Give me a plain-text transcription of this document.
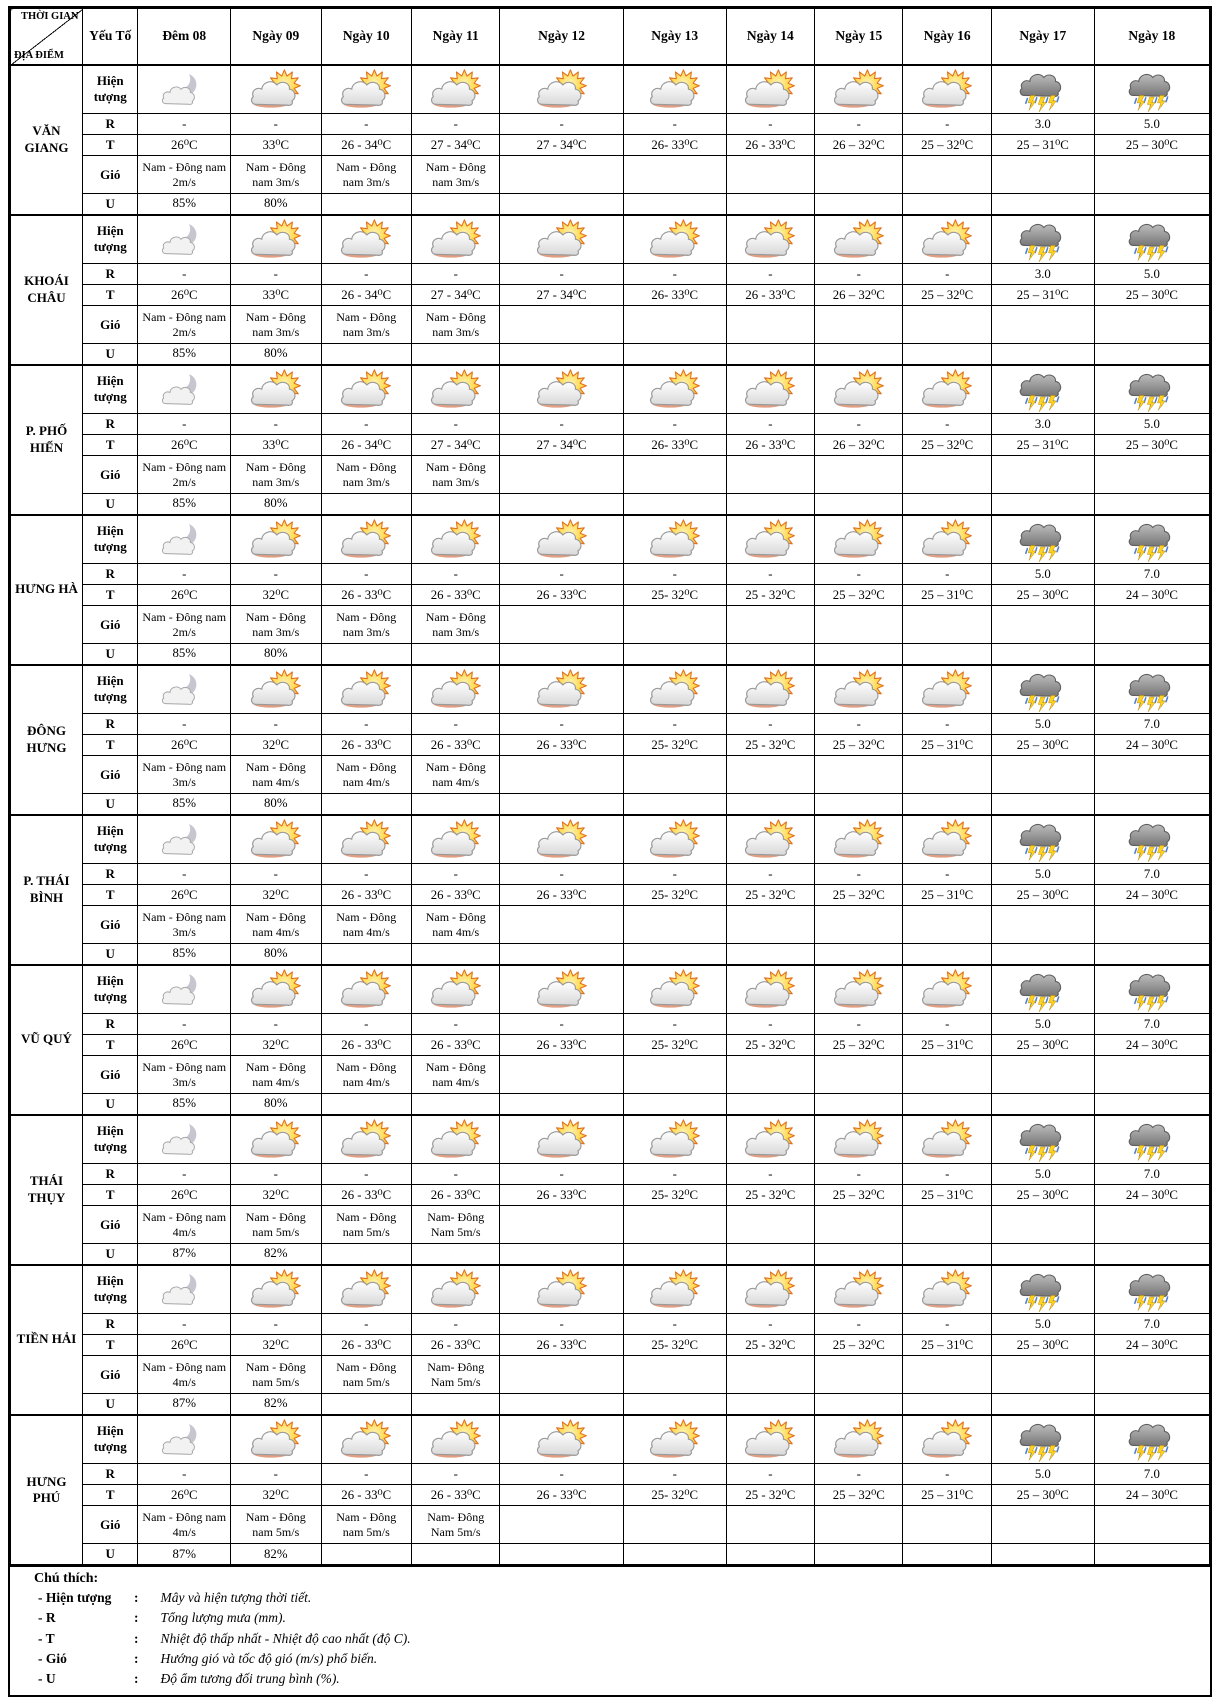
THỜI GIAN
ĐỊA ĐIỂM	Yếu Tố	Đêm 08	Ngày 09	Ngày 10	Ngày 11	Ngày 12	Ngày 13	Ngày 14	Ngày 15	Ngày 16	Ngày 17	Ngày 18
VĂN GIANG	Hiện tượng	

	R	-	-	-	-	-	-	-	-	-	3.0	5.0
	T	26⁰C	33⁰C	26 - 34⁰C	27 - 34⁰C	27 - 34⁰C	26- 33⁰C	26 - 33⁰C	26 – 32⁰C	25 – 32⁰C	25 – 31⁰C	25 – 30⁰C
	Gió	Nam - Đông nam 2m/s	Nam - Đông nam 3m/s	Nam - Đông nam 3m/s	Nam - Đông nam 3m/s							
	U	85%	80%									
KHOÁI CHÂU	Hiện tượng	

	R	-	-	-	-	-	-	-	-	-	3.0	5.0
	T	26⁰C	33⁰C	26 - 34⁰C	27 - 34⁰C	27 - 34⁰C	26- 33⁰C	26 - 33⁰C	26 – 32⁰C	25 – 32⁰C	25 – 31⁰C	25 – 30⁰C
	Gió	Nam - Đông nam 2m/s	Nam - Đông nam 3m/s	Nam - Đông nam 3m/s	Nam - Đông nam 3m/s							
	U	85%	80%									
P. PHỐ HIẾN	Hiện tượng	

	R	-	-	-	-	-	-	-	-	-	3.0	5.0
	T	26⁰C	33⁰C	26 - 34⁰C	27 - 34⁰C	27 - 34⁰C	26- 33⁰C	26 - 33⁰C	26 – 32⁰C	25 – 32⁰C	25 – 31⁰C	25 – 30⁰C
	Gió	Nam - Đông nam 2m/s	Nam - Đông nam 3m/s	Nam - Đông nam 3m/s	Nam - Đông nam 3m/s							
	U	85%	80%									
HƯNG HÀ	Hiện tượng	

	R	-	-	-	-	-	-	-	-	-	5.0	7.0
	T	26⁰C	32⁰C	26 - 33⁰C	26 - 33⁰C	26 - 33⁰C	25- 32⁰C	25 - 32⁰C	25 – 32⁰C	25 – 31⁰C	25 – 30⁰C	24 – 30⁰C
	Gió	Nam - Đông nam 2m/s	Nam - Đông nam 3m/s	Nam - Đông nam 3m/s	Nam - Đông nam 3m/s							
	U	85%	80%									
ĐÔNG HƯNG	Hiện tượng	

	R	-	-	-	-	-	-	-	-	-	5.0	7.0
	T	26⁰C	32⁰C	26 - 33⁰C	26 - 33⁰C	26 - 33⁰C	25- 32⁰C	25 - 32⁰C	25 – 32⁰C	25 – 31⁰C	25 – 30⁰C	24 – 30⁰C
	Gió	Nam - Đông nam 3m/s	Nam - Đông nam 4m/s	Nam - Đông nam 4m/s	Nam - Đông nam 4m/s							
	U	85%	80%									
P. THÁI BÌNH	Hiện tượng	

	R	-	-	-	-	-	-	-	-	-	5.0	7.0
	T	26⁰C	32⁰C	26 - 33⁰C	26 - 33⁰C	26 - 33⁰C	25- 32⁰C	25 - 32⁰C	25 – 32⁰C	25 – 31⁰C	25 – 30⁰C	24 – 30⁰C
	Gió	Nam - Đông nam 3m/s	Nam - Đông nam 4m/s	Nam - Đông nam 4m/s	Nam - Đông nam 4m/s							
	U	85%	80%									
VŨ QUÝ	Hiện tượng	

	R	-	-	-	-	-	-	-	-	-	5.0	7.0
	T	26⁰C	32⁰C	26 - 33⁰C	26 - 33⁰C	26 - 33⁰C	25- 32⁰C	25 - 32⁰C	25 – 32⁰C	25 – 31⁰C	25 – 30⁰C	24 – 30⁰C
	Gió	Nam - Đông nam 3m/s	Nam - Đông nam 4m/s	Nam - Đông nam 4m/s	Nam - Đông nam 4m/s							
	U	85%	80%									
THÁI THỤY	Hiện tượng	

	R	-	-	-	-	-	-	-	-	-	5.0	7.0
	T	26⁰C	32⁰C	26 - 33⁰C	26 - 33⁰C	26 - 33⁰C	25- 32⁰C	25 - 32⁰C	25 – 32⁰C	25 – 31⁰C	25 – 30⁰C	24 – 30⁰C
	Gió	Nam - Đông nam 4m/s	Nam - Đông nam 5m/s	Nam - Đông nam 5m/s	Nam- Đông Nam 5m/s							
	U	87%	82%									
TIỀN HẢI	Hiện tượng	

	R	-	-	-	-	-	-	-	-	-	5.0	7.0
	T	26⁰C	32⁰C	26 - 33⁰C	26 - 33⁰C	26 - 33⁰C	25- 32⁰C	25 - 32⁰C	25 – 32⁰C	25 – 31⁰C	25 – 30⁰C	24 – 30⁰C
	Gió	Nam - Đông nam 4m/s	Nam - Đông nam 5m/s	Nam - Đông nam 5m/s	Nam- Đông Nam 5m/s							
	U	87%	82%									
HƯNG PHÚ	Hiện tượng	

	R	-	-	-	-	-	-	-	-	-	5.0	7.0
	T	26⁰C	32⁰C	26 - 33⁰C	26 - 33⁰C	26 - 33⁰C	25- 32⁰C	25 - 32⁰C	25 – 32⁰C	25 – 31⁰C	25 – 30⁰C	24 – 30⁰C
	Gió	Nam - Đông nam 4m/s	Nam - Đông nam 5m/s	Nam - Đông nam 5m/s	Nam- Đông Nam 5m/s							
	U	87%	82%									
Chú thích:
- Hiện tượng	: Mây và hiện tượng thời tiết.
- R	: Tổng lượng mưa (mm).
- T	: Nhiệt độ thấp nhất - Nhiệt độ cao nhất (độ C).
- Gió	: Hướng gió và tốc độ gió (m/s) phổ biến.
- U	: Độ ẩm tương đối trung bình (%).
